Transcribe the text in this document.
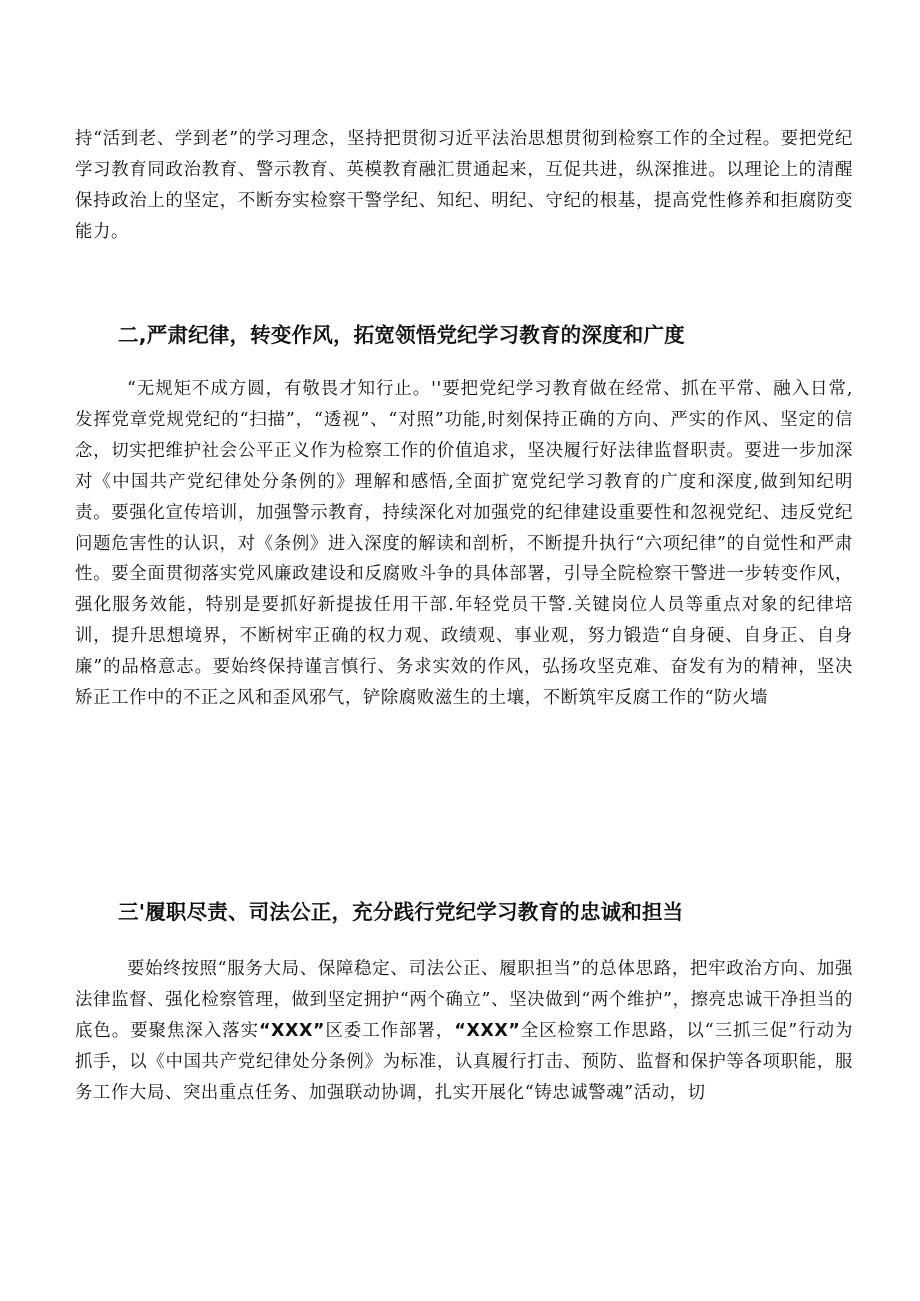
持“活到老、学到老”的学习理念，坚持把贯彻习近平法治思想贯彻到检察工作的全过程。要把党纪学习教育同政治教育、警示教育、英模教育融汇贯通起来，互促共进，纵深推进。以理论上的清醒保持政治上的坚定，不断夯实检察干警学纪、知纪、明纪、守纪的根基，提高党性修养和拒腐防变能力。

二,严肃纪律，转变作风，拓宽领悟党纪学习教育的深度和广度

“无规矩不成方圆，有敬畏才知行止。''要把党纪学习教育做在经常、抓在平常、融入日常,发挥党章党规党纪的“扫描”，“透视”、“对照”功能,时刻保持正确的方向、严实的作风、坚定的信念，切实把维护社会公平正义作为检察工作的价值追求，坚决履行好法律监督职责。要进一步加深对《中国共产党纪律处分条例的》理解和感悟,全面扩宽党纪学习教育的广度和深度,做到知纪明责。要强化宣传培训，加强警示教育，持续深化对加强党的纪律建设重要性和忽视党纪、违反党纪问题危害性的认识，对《条例》进入深度的解读和剖析，不断提升执行“六项纪律”的自觉性和严肃性。要全面贯彻落实党风廉政建设和反腐败斗争的具体部署，引导全院检察干警进一步转变作风，强化服务效能，特别是要抓好新提拔任用干部.年轻党员干警.关键岗位人员等重点对象的纪律培训，提升思想境界，不断树牢正确的权力观、政绩观、事业观，努力锻造“自身硬、自身正、自身廉”的品格意志。要始终保持谨言慎行、务求实效的作风，弘扬攻坚克难、奋发有为的精神，坚决矫正工作中的不正之风和歪风邪气，铲除腐败滋生的土壤，不断筑牢反腐工作的“防火墙

三'履职尽责、司法公正，充分践行党纪学习教育的忠诚和担当

要始终按照“服务大局、保障稳定、司法公正、履职担当”的总体思路，把牢政治方向、加强法律监督、强化检察管理，做到坚定拥护“两个确立”、坚决做到“两个维护”，擦亮忠诚干净担当的底色。要聚焦深入落实“XXX”区委工作部署，“XXX”全区检察工作思路，以“三抓三促”行动为抓手，以《中国共产党纪律处分条例》为标准，认真履行打击、预防、监督和保护等各项职能，服务工作大局、突出重点任务、加强联动协调，扎实开展化“铸忠诚警魂”活动，切
